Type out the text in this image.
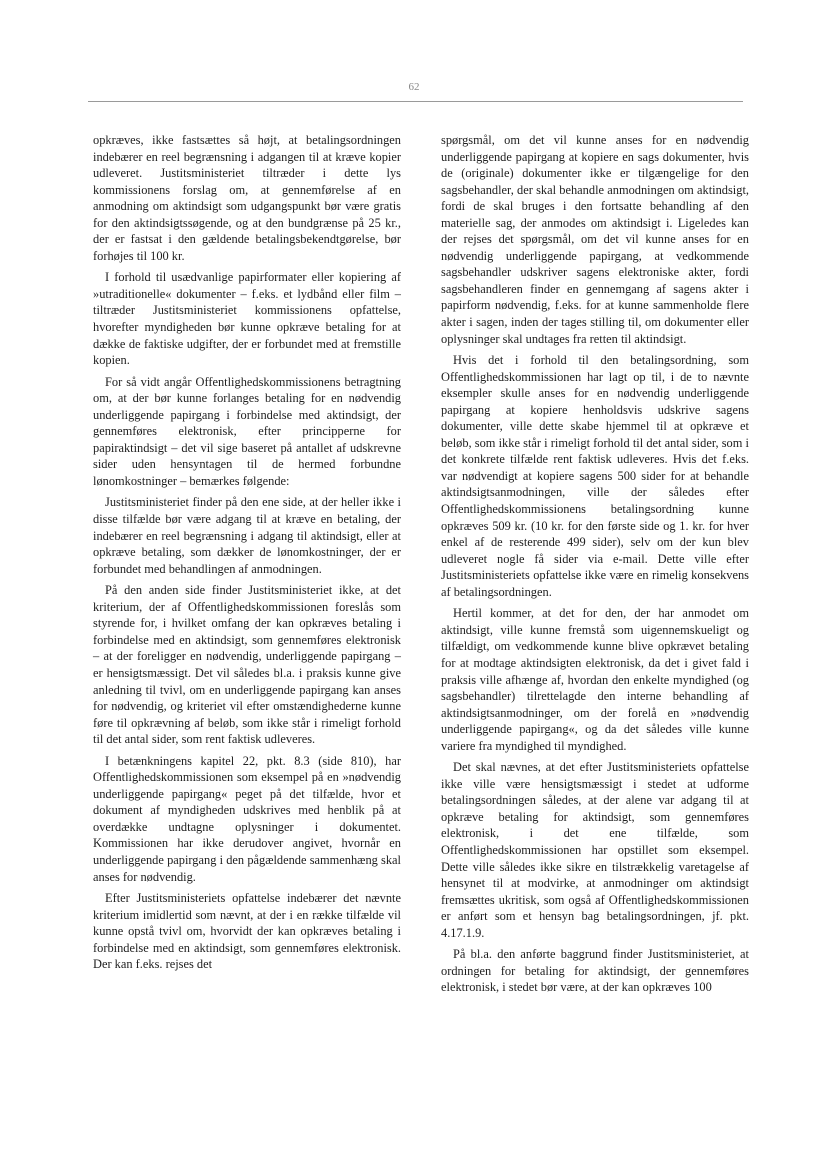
62

opkræves, ikke fastsættes så højt, at betalingsordningen indebærer en reel begrænsning i adgangen til at kræve kopier udleveret. Justitsministeriet tiltræder i dette lys kommissionens forslag om, at gennemførelse af en anmodning om aktindsigt som udgangspunkt bør være gratis for den aktindsigtssøgende, og at den bundgrænse på 25 kr., der er fastsat i den gældende betalingsbekendtgørelse, bør forhøjes til 100 kr.

I forhold til usædvanlige papirformater eller kopiering af »utraditionelle« dokumenter – f.eks. et lydbånd eller film – tiltræder Justitsministeriet kommissionens opfattelse, hvorefter myndigheden bør kunne opkræve betaling for at dække de faktiske udgifter, der er forbundet med at fremstille kopien.

For så vidt angår Offentlighedskommissionens betragtning om, at der bør kunne forlanges betaling for en nødvendig underliggende papirgang i forbindelse med aktindsigt, der gennemføres elektronisk, efter principperne for papiraktindsigt – det vil sige baseret på antallet af udskrevne sider uden hensyntagen til de hermed forbundne lønomkostninger – bemærkes følgende:

Justitsministeriet finder på den ene side, at der heller ikke i disse tilfælde bør være adgang til at kræve en betaling, der indebærer en reel begrænsning i adgang til aktindsigt, eller at opkræve betaling, som dækker de lønomkostninger, der er forbundet med behandlingen af anmodningen.

På den anden side finder Justitsministeriet ikke, at det kriterium, der af Offentlighedskommissionen foreslås som styrende for, i hvilket omfang der kan opkræves betaling i forbindelse med en aktindsigt, som gennemføres elektronisk – at der foreligger en nødvendig, underliggende papirgang – er hensigtsmæssigt. Det vil således bl.a. i praksis kunne give anledning til tvivl, om en underliggende papirgang kan anses for nødvendig, og kriteriet vil efter omstændighederne kunne føre til opkrævning af beløb, som ikke står i rimeligt forhold til det antal sider, som rent faktisk udleveres.

I betænkningens kapitel 22, pkt. 8.3 (side 810), har Offentlighedskommissionen som eksempel på en »nødvendig underliggende papirgang« peget på det tilfælde, hvor et dokument af myndigheden udskrives med henblik på at overdække undtagne oplysninger i dokumentet. Kommissionen har ikke derudover angivet, hvornår en underliggende papirgang i den pågældende sammenhæng skal anses for nødvendig.

Efter Justitsministeriets opfattelse indebærer det nævnte kriterium imidlertid som nævnt, at der i en række tilfælde vil kunne opstå tvivl om, hvorvidt der kan opkræves betaling i forbindelse med en aktindsigt, som gennemføres elektronisk. Der kan f.eks. rejses det

spørgsmål, om det vil kunne anses for en nødvendig underliggende papirgang at kopiere en sags dokumenter, hvis de (originale) dokumenter ikke er tilgængelige for den sagsbehandler, der skal behandle anmodningen om aktindsigt, fordi de skal bruges i den fortsatte behandling af den materielle sag, der anmodes om aktindsigt i. Ligeledes kan der rejses det spørgsmål, om det vil kunne anses for en nødvendig underliggende papirgang, at vedkommende sagsbehandler udskriver sagens elektroniske akter, fordi sagsbehandleren finder en gennemgang af sagens akter i papirform nødvendig, f.eks. for at kunne sammenholde flere akter i sagen, inden der tages stilling til, om dokumenter eller oplysninger skal undtages fra retten til aktindsigt.

Hvis det i forhold til den betalingsordning, som Offentlighedskommissionen har lagt op til, i de to nævnte eksempler skulle anses for en nødvendig underliggende papirgang at kopiere henholdsvis udskrive sagens dokumenter, ville dette skabe hjemmel til at opkræve et beløb, som ikke står i rimeligt forhold til det antal sider, som i det konkrete tilfælde rent faktisk udleveres. Hvis det f.eks. var nødvendigt at kopiere sagens 500 sider for at behandle aktindsigtsanmodningen, ville der således efter Offentlighedskommissionens betalingsordning kunne opkræves 509 kr. (10 kr. for den første side og 1. kr. for hver enkel af de resterende 499 sider), selv om der kun blev udleveret nogle få sider via e-mail. Dette ville efter Justitsministeriets opfattelse ikke være en rimelig konsekvens af betalingsordningen.

Hertil kommer, at det for den, der har anmodet om aktindsigt, ville kunne fremstå som uigennemskueligt og tilfældigt, om vedkommende kunne blive opkrævet betaling for at modtage aktindsigten elektronisk, da det i givet fald i praksis ville afhænge af, hvordan den enkelte myndighed (og sagsbehandler) tilrettelagde den interne behandling af aktindsigtsanmodninger, om der forelå en »nødvendig underliggende papirgang«, og da det således ville kunne variere fra myndighed til myndighed.

Det skal nævnes, at det efter Justitsministeriets opfattelse ikke ville være hensigtsmæssigt i stedet at udforme betalingsordningen således, at der alene var adgang til at opkræve betaling for aktindsigt, som gennemføres elektronisk, i det ene tilfælde, som Offentlighedskommissionen har opstillet som eksempel. Dette ville således ikke sikre en tilstrækkelig varetagelse af hensynet til at modvirke, at anmodninger om aktindsigt fremsættes ukritisk, som også af Offentlighedskommissionen er anført som et hensyn bag betalingsordningen, jf. pkt. 4.17.1.9.

På bl.a. den anførte baggrund finder Justitsministeriet, at ordningen for betaling for aktindsigt, der gennemføres elektronisk, i stedet bør være, at der kan opkræves 100
